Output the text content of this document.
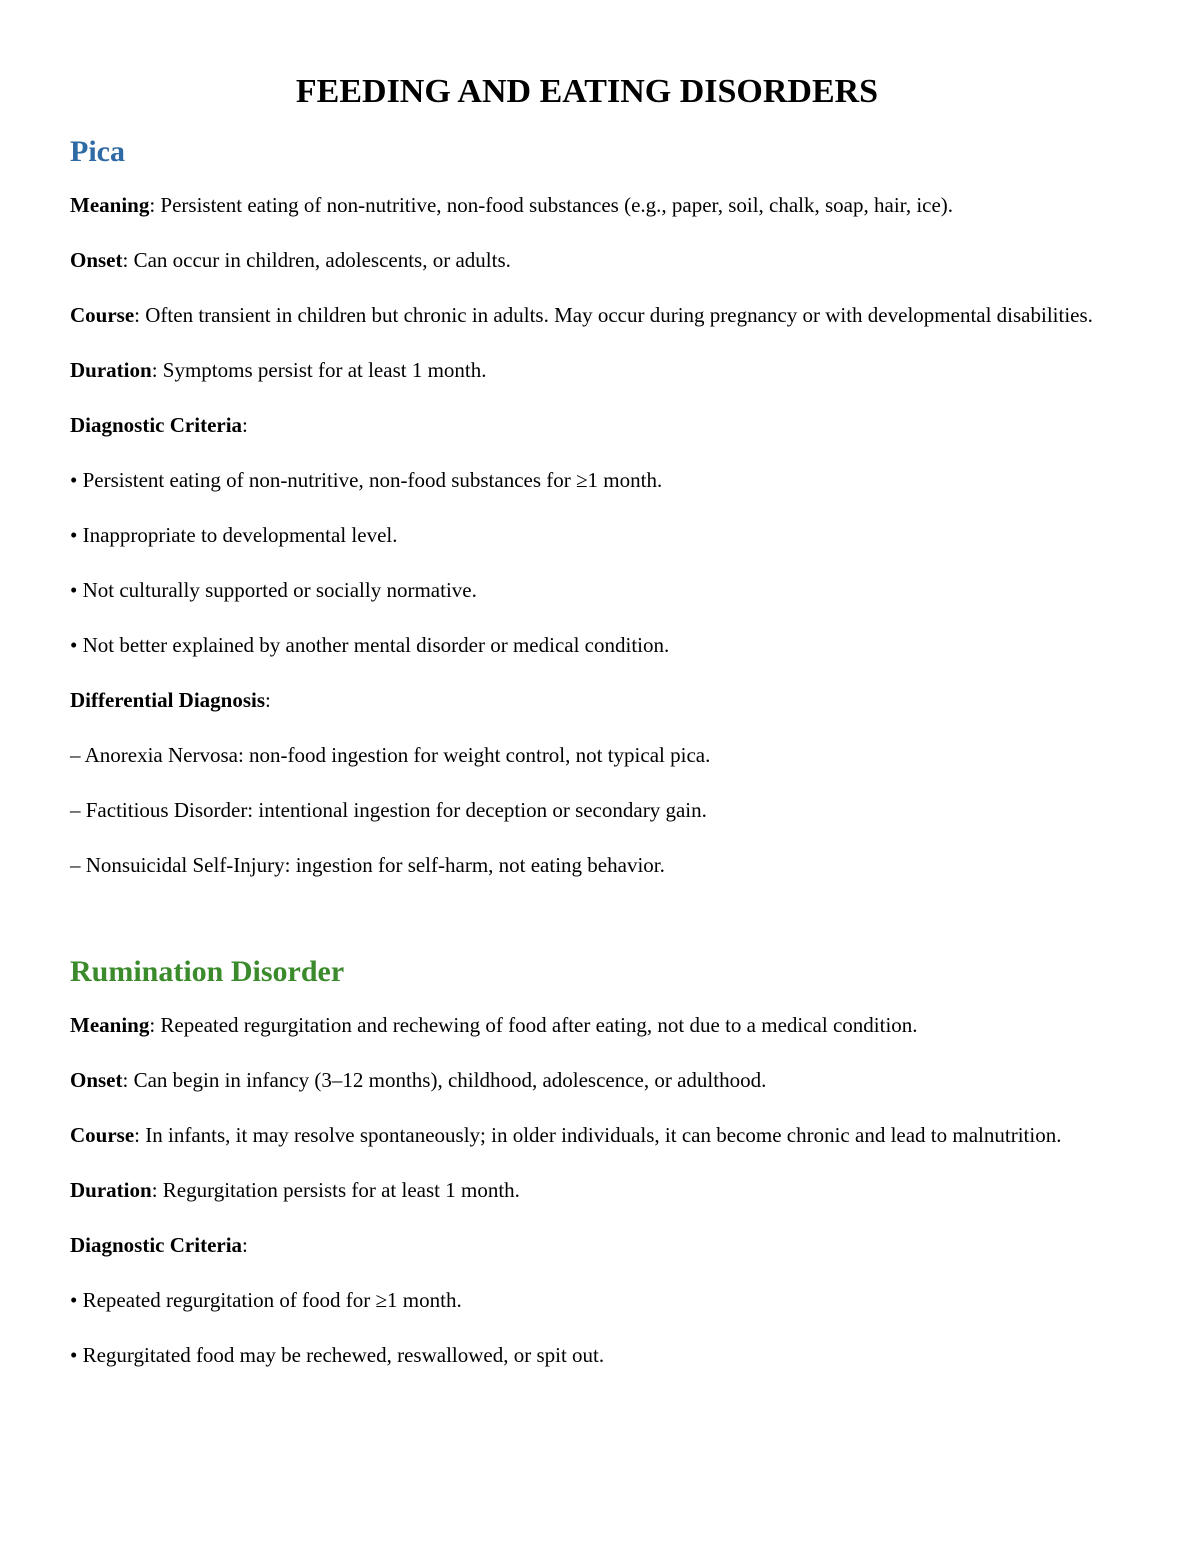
FEEDING AND EATING DISORDERS
Pica

Meaning: Persistent eating of non-nutritive, non-food substances (e.g., paper, soil, chalk, soap, hair, ice).

Onset: Can occur in children, adolescents, or adults.

Course: Often transient in children but chronic in adults. May occur during pregnancy or with developmental disabilities.

Duration: Symptoms persist for at least 1 month.

Diagnostic Criteria:

• Persistent eating of non-nutritive, non-food substances for ≥1 month.

• Inappropriate to developmental level.

• Not culturally supported or socially normative.

• Not better explained by another mental disorder or medical condition.

Differential Diagnosis:

– Anorexia Nervosa: non-food ingestion for weight control, not typical pica.

– Factitious Disorder: intentional ingestion for deception or secondary gain.

– Nonsuicidal Self-Injury: ingestion for self-harm, not eating behavior.

Rumination Disorder

Meaning: Repeated regurgitation and rechewing of food after eating, not due to a medical condition.

Onset: Can begin in infancy (3–12 months), childhood, adolescence, or adulthood.

Course: In infants, it may resolve spontaneously; in older individuals, it can become chronic and lead to malnutrition.

Duration: Regurgitation persists for at least 1 month.

Diagnostic Criteria:

• Repeated regurgitation of food for ≥1 month.

• Regurgitated food may be rechewed, reswallowed, or spit out.
